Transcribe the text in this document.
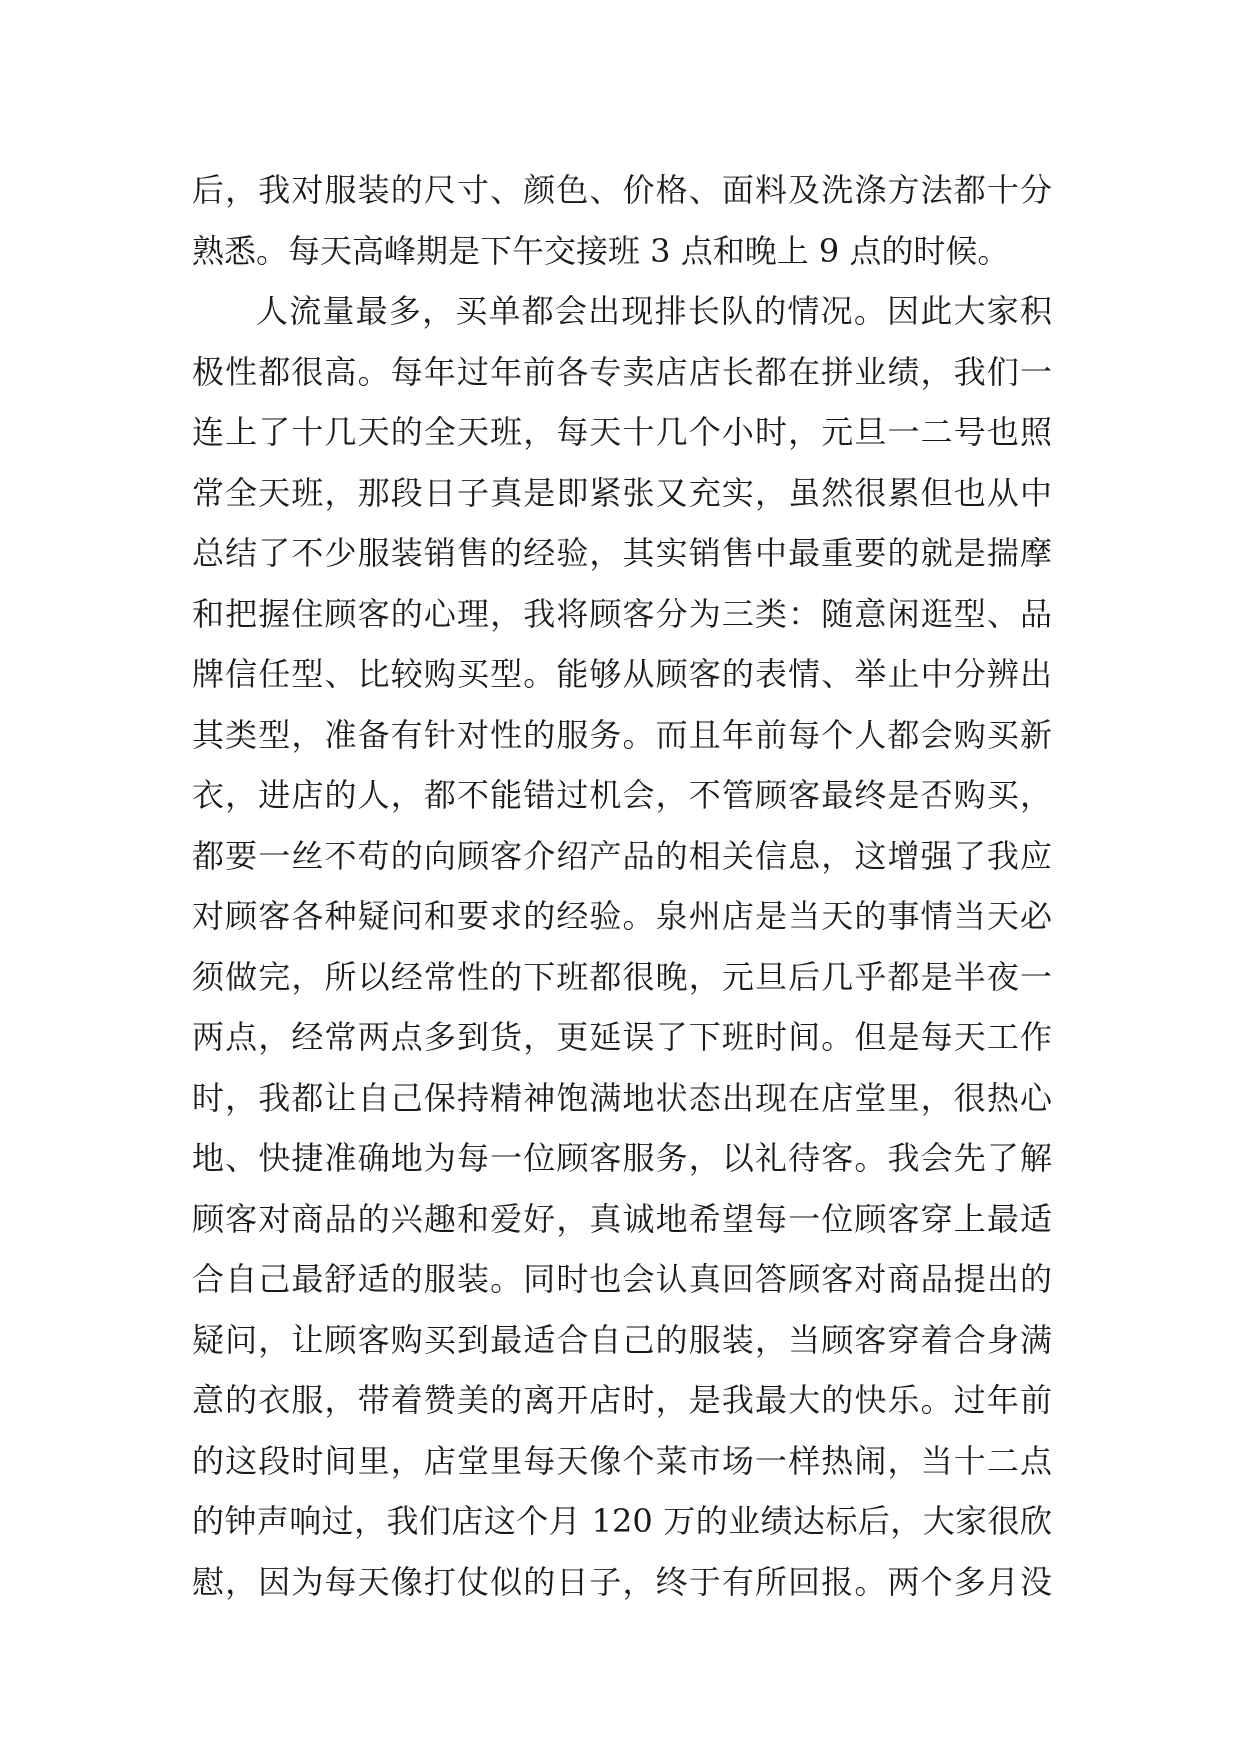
后，我对服装的尺寸、颜色、价格、面料及洗涤方法都十分
熟悉。每天高峰期是下午交接班 3 点和晚上 9 点的时候。
人流量最多，买单都会出现排长队的情况。因此大家积
极性都很高。每年过年前各专卖店店长都在拼业绩，我们一
连上了十几天的全天班，每天十几个小时，元旦一二号也照
常全天班，那段日子真是即紧张又充实，虽然很累但也从中
总结了不少服装销售的经验，其实销售中最重要的就是揣摩
和把握住顾客的心理，我将顾客分为三类：随意闲逛型、品
牌信任型、比较购买型。能够从顾客的表情、举止中分辨出
其类型，准备有针对性的服务。而且年前每个人都会购买新
衣，进店的人，都不能错过机会，不管顾客最终是否购买，
都要一丝不苟的向顾客介绍产品的相关信息，这增强了我应
对顾客各种疑问和要求的经验。泉州店是当天的事情当天必
须做完，所以经常性的下班都很晚，元旦后几乎都是半夜一
两点，经常两点多到货，更延误了下班时间。但是每天工作
时，我都让自己保持精神饱满地状态出现在店堂里，很热心
地、快捷准确地为每一位顾客服务，以礼待客。我会先了解
顾客对商品的兴趣和爱好，真诚地希望每一位顾客穿上最适
合自己最舒适的服装。同时也会认真回答顾客对商品提出的
疑问，让顾客购买到最适合自己的服装，当顾客穿着合身满
意的衣服，带着赞美的离开店时，是我最大的快乐。过年前
的这段时间里，店堂里每天像个菜市场一样热闹，当十二点
的钟声响过，我们店这个月 120 万的业绩达标后，大家很欣
慰，因为每天像打仗似的日子，终于有所回报。两个多月没
